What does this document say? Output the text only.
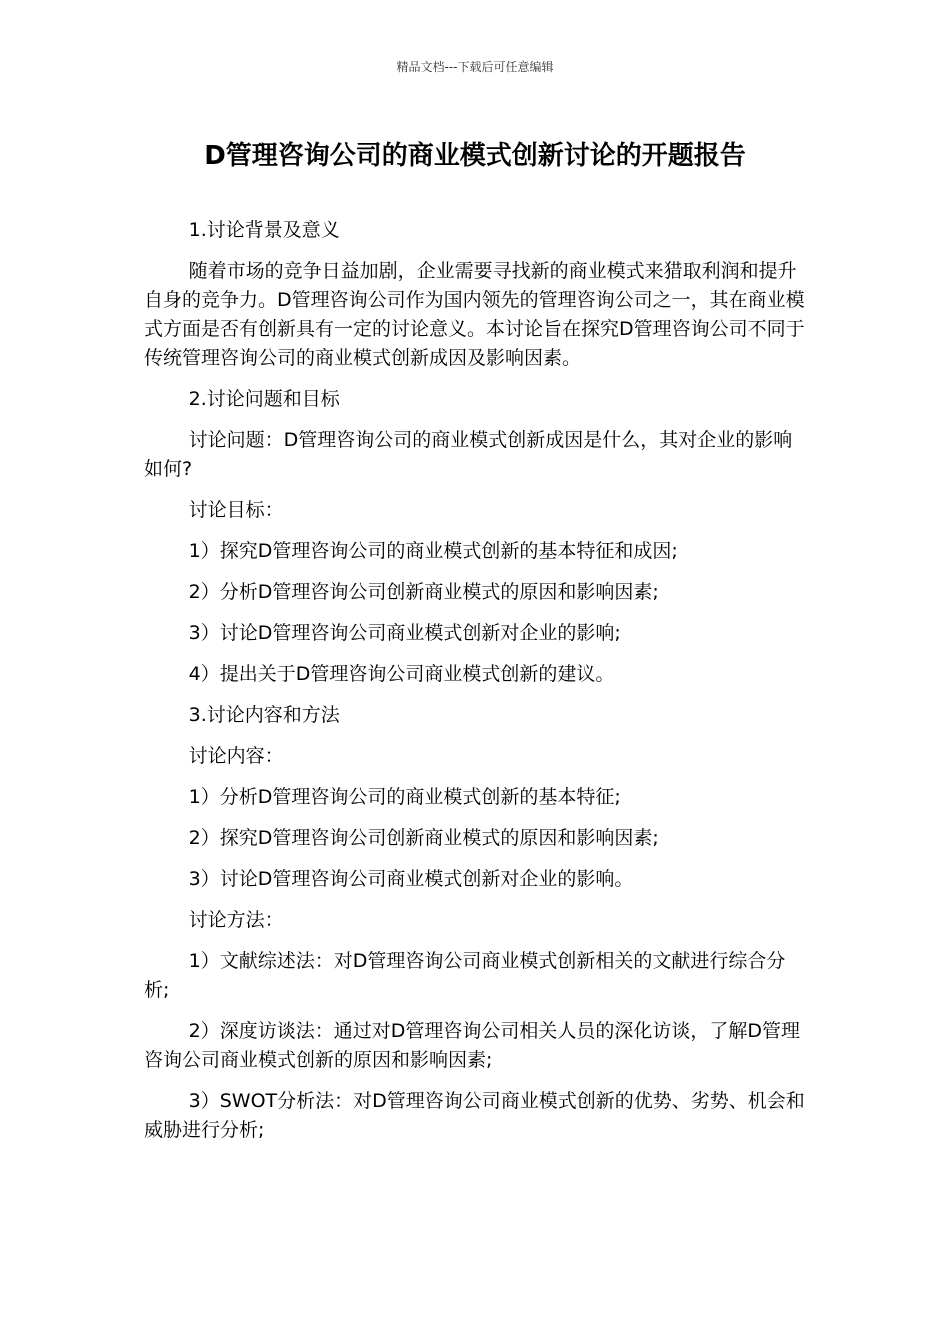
精品文档---下载后可任意编辑
D管理咨询公司的商业模式创新讨论的开题报告

1.讨论背景及意义

随着市场的竞争日益加剧，企业需要寻找新的商业模式来猎取利润和提升自身的竞争力。D管理咨询公司作为国内领先的管理咨询公司之一，其在商业模式方面是否有创新具有一定的讨论意义。本讨论旨在探究D管理咨询公司不同于传统管理咨询公司的商业模式创新成因及影响因素。

2.讨论问题和目标

讨论问题：D管理咨询公司的商业模式创新成因是什么，其对企业的影响如何?

讨论目标：

1）探究D管理咨询公司的商业模式创新的基本特征和成因;

2）分析D管理咨询公司创新商业模式的原因和影响因素;

3）讨论D管理咨询公司商业模式创新对企业的影响;

4）提出关于D管理咨询公司商业模式创新的建议。

3.讨论内容和方法

讨论内容：

1）分析D管理咨询公司的商业模式创新的基本特征;

2）探究D管理咨询公司创新商业模式的原因和影响因素;

3）讨论D管理咨询公司商业模式创新对企业的影响。

讨论方法：

1）文献综述法：对D管理咨询公司商业模式创新相关的文献进行综合分析;

2）深度访谈法：通过对D管理咨询公司相关人员的深化访谈，了解D管理咨询公司商业模式创新的原因和影响因素;

3）SWOT分析法：对D管理咨询公司商业模式创新的优势、劣势、机会和威胁进行分析;
